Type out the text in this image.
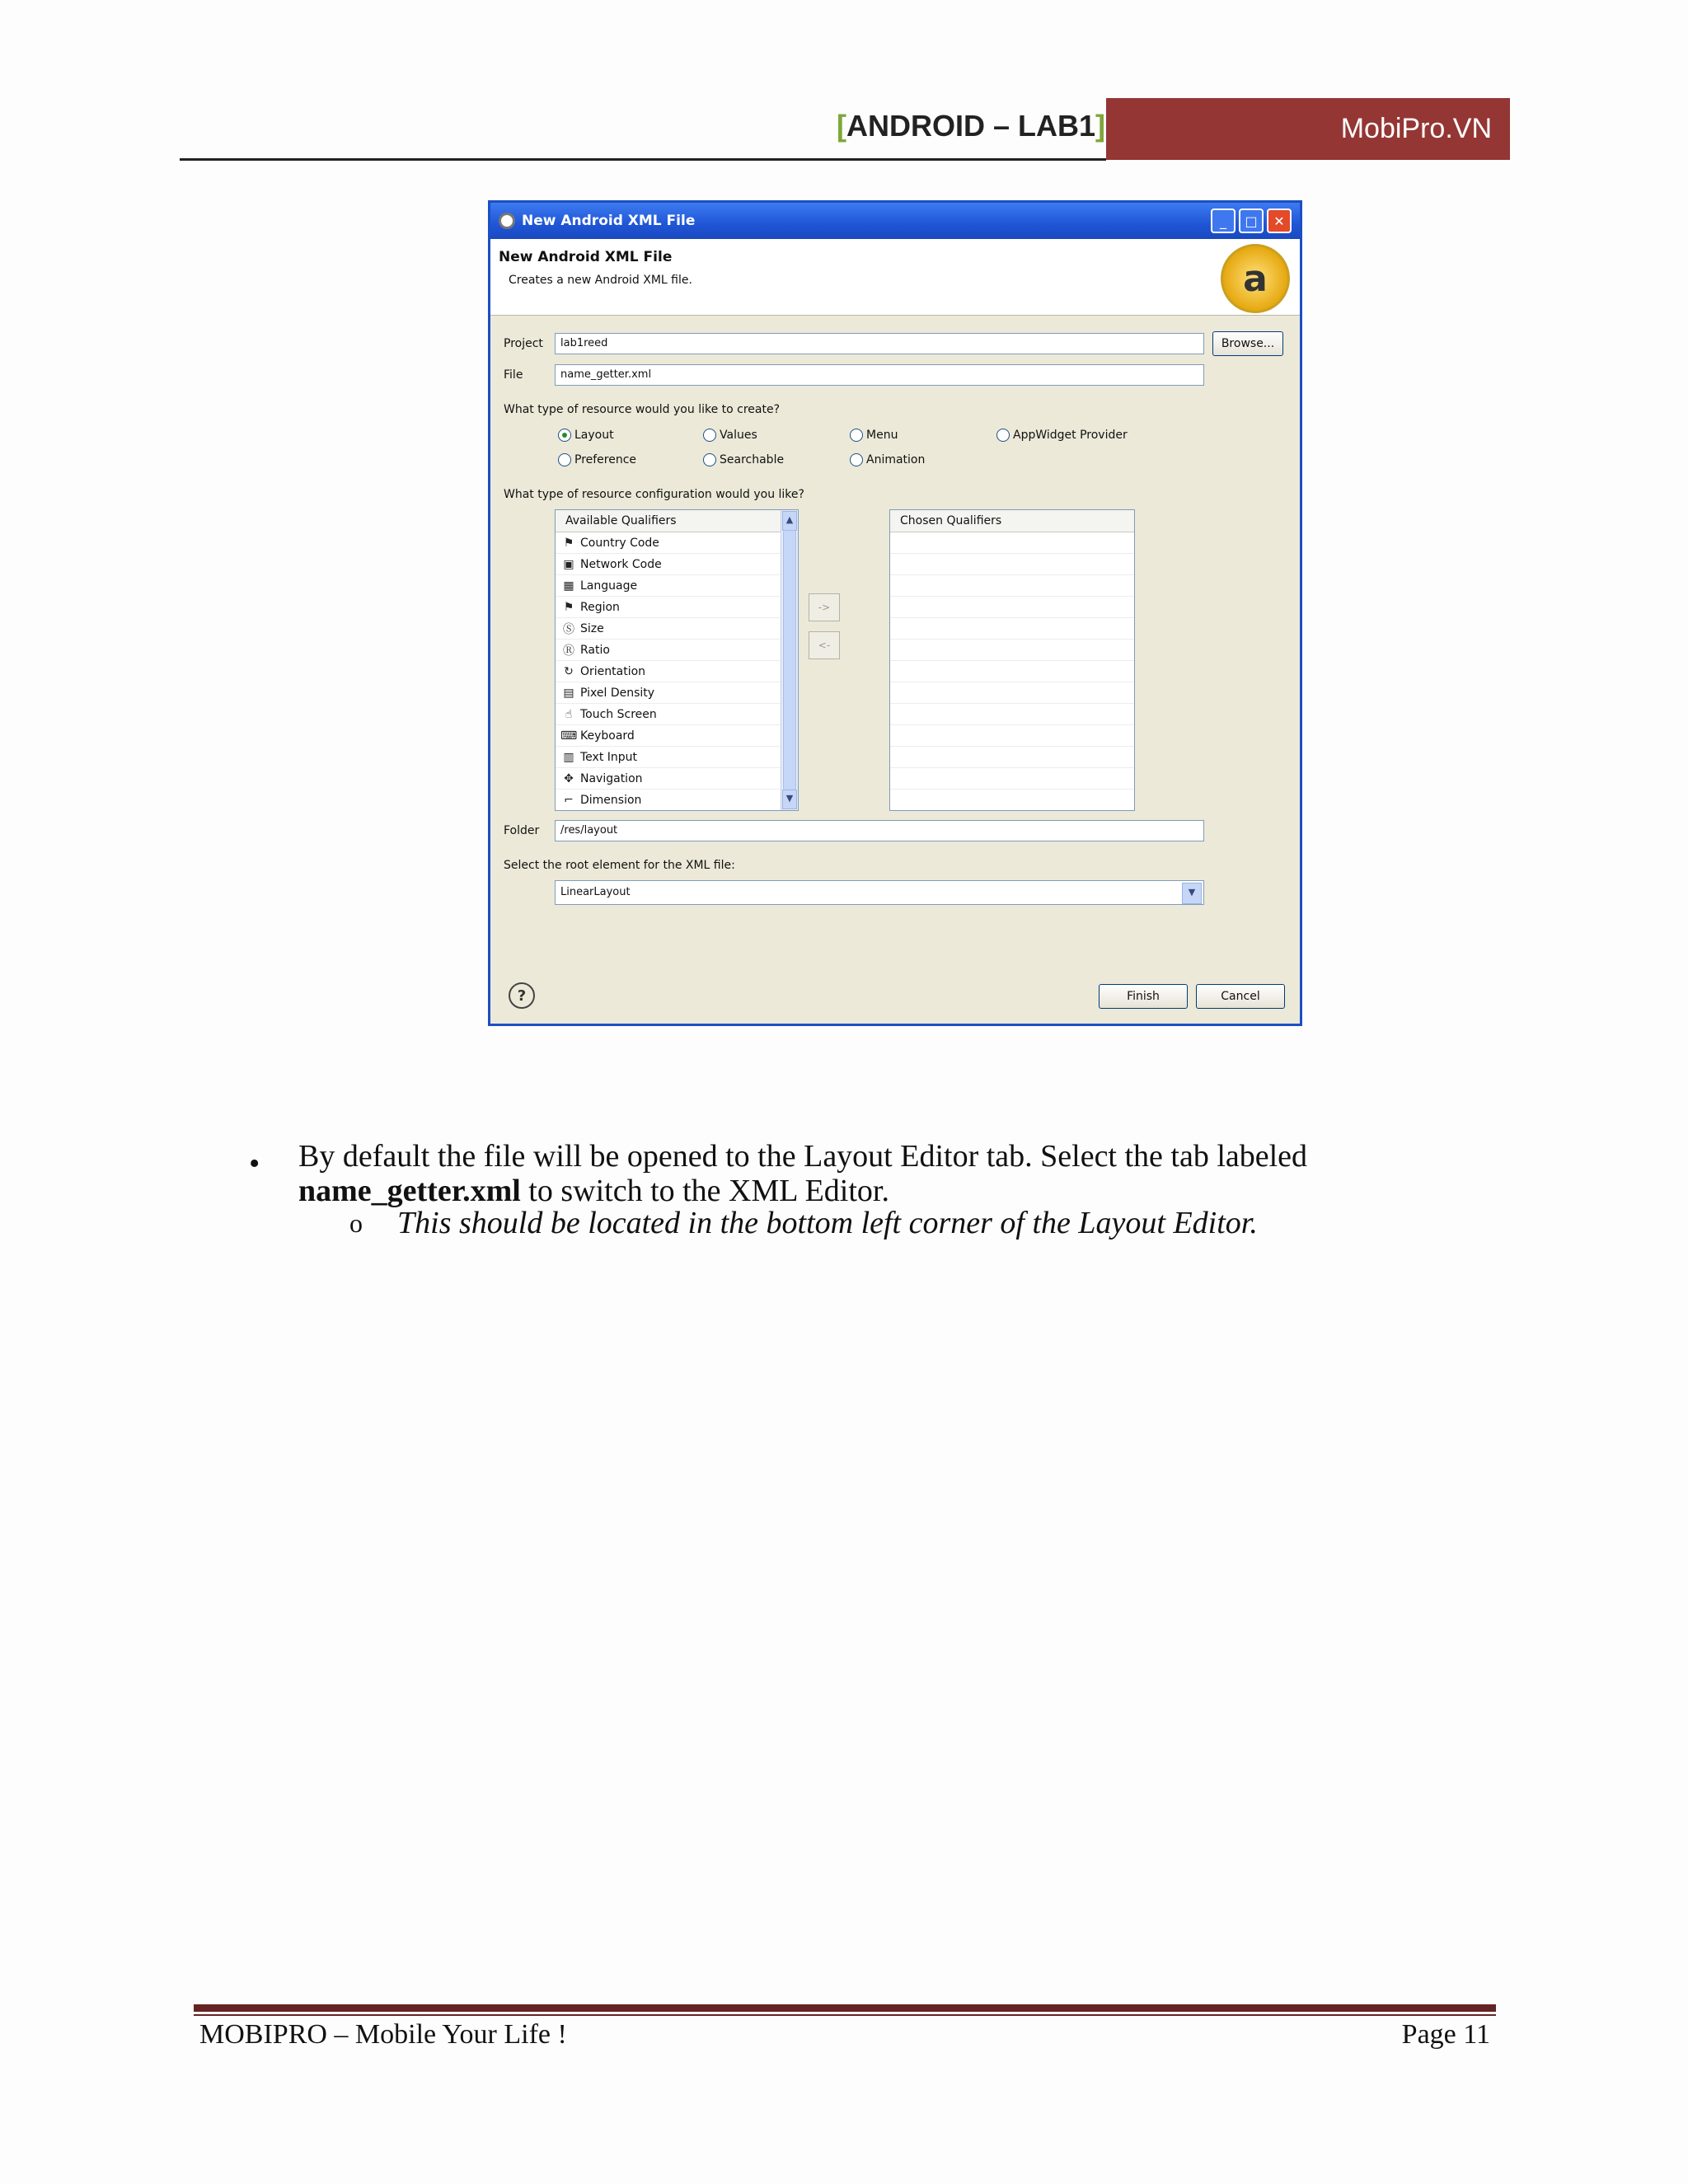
[ANDROID – LAB1]	MobiPro.VN
New Android XML File	_	□	✕
New Android XML File
Creates a new Android XML file.	a
Project	lab1reed	Browse...
File	name_getter.xml
What type of resource would you like to create?
Layout	Values	Menu	AppWidget Provider
Preference	Searchable	Animation
What type of resource configuration would you like?
Available Qualifiers
⚑ Country Code
▣ Network Code
▦ Language
⚑ Region
Ⓢ Size
Ⓡ Ratio
↻ Orientation
▤ Pixel Density
☝ Touch Screen
⌨ Keyboard
▥ Text Input
✥ Navigation
⌐ Dimension
▲
▼
->
<-
Chosen Qualifiers
Folder	/res/layout
Select the root element for the XML file:
LinearLayout	▼
?	Finish	Cancel
• By default the file will be opened to the Layout Editor tab. Select the tab labeled name_getter.xml to switch to the XML Editor.
o This should be located in the bottom left corner of the Layout Editor.
MOBIPRO – Mobile Your Life !	Page 11
